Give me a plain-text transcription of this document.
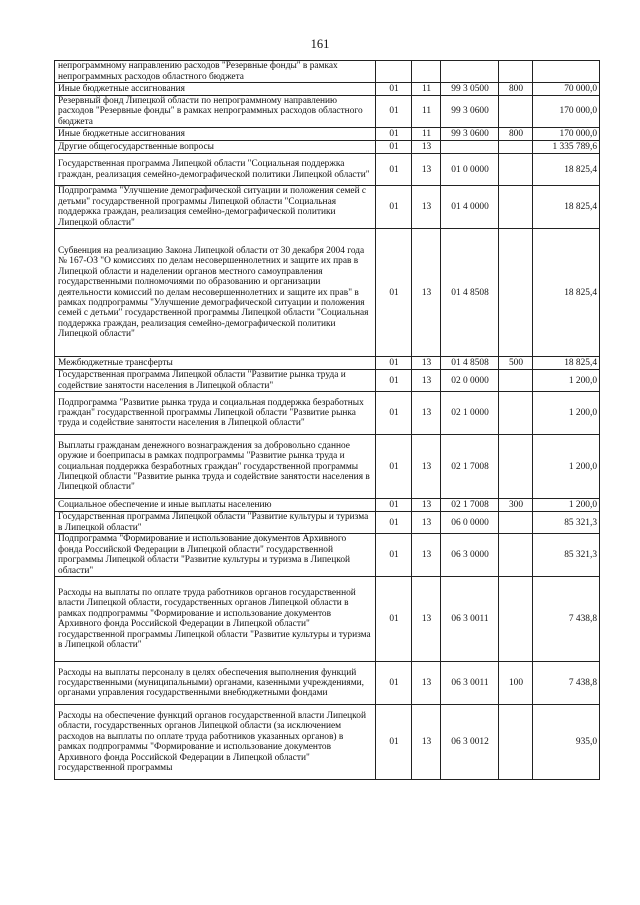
161
непрограммному направлению расходов "Резервные фонды" в рамках непрограммных расходов областного бюджета					
Иные бюджетные ассигнования	01	11	99 3 0500	800	70 000,0
Резервный фонд Липецкой области по непрограммному направлению расходов "Резервные фонды" в рамках непрограммных расходов областного бюджета	01	11	99 3 0600		170 000,0
Иные бюджетные ассигнования	01	11	99 3 0600	800	170 000,0
Другие общегосударственные вопросы	01	13			1 335 789,6
Государственная программа Липецкой области "Социальная поддержка граждан, реализация семейно-демографической политики Липецкой области"	01	13	01 0 0000		18 825,4
Подпрограмма "Улучшение демографической ситуации и положения семей с детьми" государственной программы Липецкой области "Социальная поддержка граждан, реализация семейно-демографической политики Липецкой области"	01	13	01 4 0000		18 825,4
Субвенция на реализацию Закона Липецкой области от 30 декабря 2004 года № 167-ОЗ "О комиссиях по делам несовершеннолетних и защите их прав в Липецкой области и наделении органов местного самоуправления государственными полномочиями по образованию и организации деятельности комиссий по делам несовершеннолетних и защите их прав" в рамках подпрограммы "Улучшение демографической ситуации и положения семей с детьми" государственной программы Липецкой области "Социальная поддержка граждан, реализация семейно-демографической политики Липецкой области"	01	13	01 4 8508		18 825,4
Межбюджетные трансферты	01	13	01 4 8508	500	18 825,4
Государственная программа Липецкой области "Развитие рынка труда и содействие занятости населения в Липецкой области"	01	13	02 0 0000		1 200,0
Подпрограмма "Развитие рынка труда и социальная поддержка безработных граждан" государственной программы Липецкой области "Развитие рынка труда и содействие занятости населения в Липецкой области"	01	13	02 1 0000		1 200,0
Выплаты гражданам денежного вознаграждения за добровольно сданное оружие и боеприпасы в рамках подпрограммы "Развитие рынка труда и социальная поддержка безработных граждан" государственной программы Липецкой области "Развитие рынка труда и содействие занятости населения в Липецкой области"	01	13	02 1 7008		1 200,0
Социальное обеспечение и иные выплаты населению	01	13	02 1 7008	300	1 200,0
Государственная программа Липецкой области "Развитие культуры и туризма в Липецкой области"	01	13	06 0 0000		85 321,3
Подпрограмма "Формирование и использование документов Архивного фонда Российской Федерации в Липецкой области" государственной программы Липецкой области "Развитие культуры и туризма в Липецкой области"	01	13	06 3 0000		85 321,3
Расходы на выплаты по оплате труда работников органов государственной власти Липецкой области, государственных органов Липецкой области в рамках подпрограммы "Формирование и использование документов Архивного фонда Российской Федерации в Липецкой области" государственной программы Липецкой области "Развитие культуры и туризма в Липецкой области"	01	13	06 3 0011		7 438,8
Расходы на выплаты персоналу в целях обеспечения выполнения функций государственными (муниципальными) органами, казенными учреждениями, органами управления государственными внебюджетными фондами	01	13	06 3 0011	100	7 438,8
Расходы на обеспечение функций органов государственной власти Липецкой области, государственных органов Липецкой области (за исключением расходов на выплаты по оплате труда работников указанных органов) в рамках подпрограммы "Формирование и использование документов Архивного фонда Российской Федерации в Липецкой области" государственной программы	01	13	06 3 0012		935,0
